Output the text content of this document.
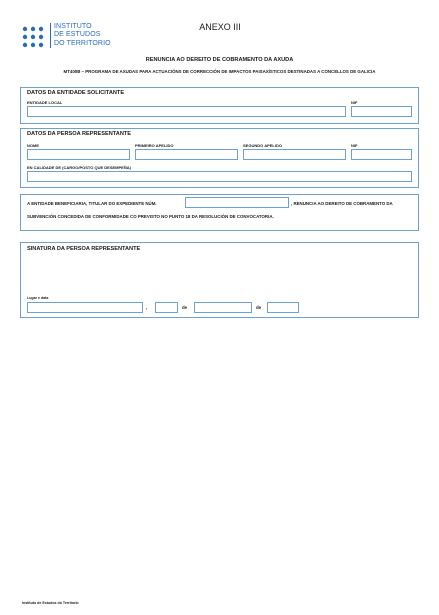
INSTITUTO
DE ESTUDOS
DO TERRITORIO
ANEXO III
RENUNCIA AO DEREITO DE COBRAMENTO DA AXUDA
MT400B – PROGRAMA DE AXUDAS PARA ACTUACIÓNS DE CORRECCIÓN DE IMPACTOS PAISAXÍSTICOS DESTINADAS A CONCELLOS DE GALICIA
DATOS DA ENTIDADE SOLICITANTE
ENTIDADE LOCAL	NIF
DATOS DA PERSOA REPRESENTANTE
NOME	PRIMEIRO APELIDO	SEGUNDO APELIDO	NIF
EN CALIDADE DE (CARGO/POSTO QUE DESEMPEÑA)
A ENTIDADE BENEFICIARIA, TITULAR DO EXPEDIENTE NÚM.	, RENUNCIA AO DEREITO DE COBRAMENTO DA
SUBVENCIÓN CONCEDIDA DE CONFORMIDADE CO PREVISTO NO PUNTO 18 DA RESOLUCIÓN DE CONVOCATORIA.
SINATURA DA PERSOA REPRESENTANTE
Lugar e data
,	de	de
Instituto de Estudos do Territorio
